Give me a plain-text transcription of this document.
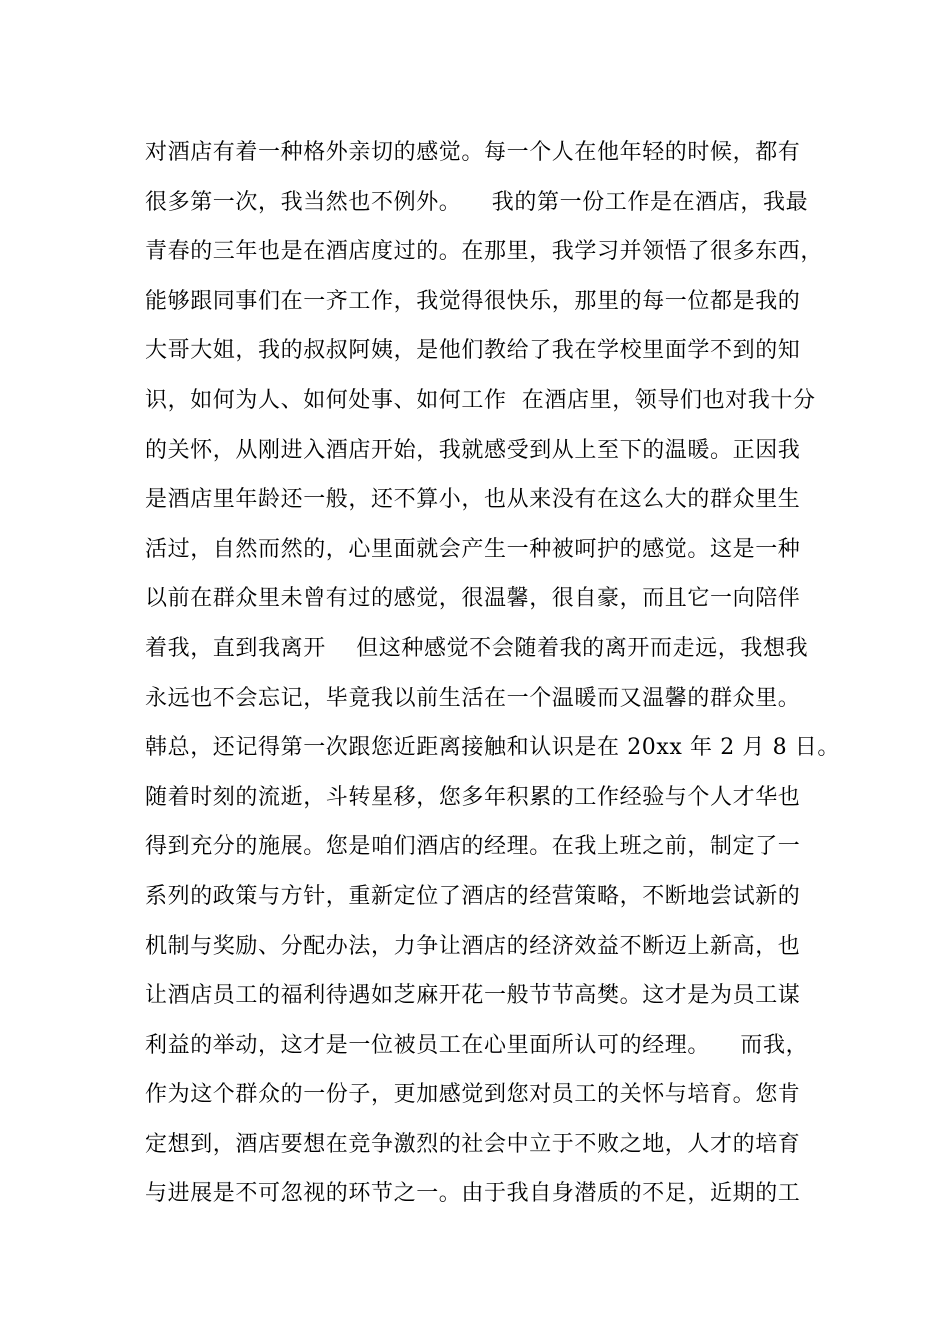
对酒店有着一种格外亲切的感觉。每一个人在他年轻的时候，都有
很多第一次，我当然也不例外。    我的第一份工作是在酒店，我最
青春的三年也是在酒店度过的。在那里，我学习并领悟了很多东西，
能够跟同事们在一齐工作，我觉得很快乐，那里的每一位都是我的
大哥大姐，我的叔叔阿姨，是他们教给了我在学校里面学不到的知
识，如何为人、如何处事、如何工作  在酒店里，领导们也对我十分
的关怀，从刚进入酒店开始，我就感受到从上至下的温暖。正因我
是酒店里年龄还一般，还不算小，也从来没有在这么大的群众里生
活过，自然而然的，心里面就会产生一种被呵护的感觉。这是一种
以前在群众里未曾有过的感觉，很温馨，很自豪，而且它一向陪伴
着我，直到我离开    但这种感觉不会随着我的离开而走远，我想我
永远也不会忘记，毕竟我以前生活在一个温暖而又温馨的群众里。
韩总，还记得第一次跟您近距离接触和认识是在 20xx 年 2 月 8 日。
随着时刻的流逝，斗转星移，您多年积累的工作经验与个人才华也
得到充分的施展。您是咱们酒店的经理。在我上班之前，制定了一
系列的政策与方针，重新定位了酒店的经营策略，不断地尝试新的
机制与奖励、分配办法，力争让酒店的经济效益不断迈上新高，也
让酒店员工的福利待遇如芝麻开花一般节节高樊。这才是为员工谋
利益的举动，这才是一位被员工在心里面所认可的经理。    而我，
作为这个群众的一份子，更加感觉到您对员工的关怀与培育。您肯
定想到，酒店要想在竞争激烈的社会中立于不败之地，人才的培育
与进展是不可忽视的环节之一。由于我自身潜质的不足，近期的工
